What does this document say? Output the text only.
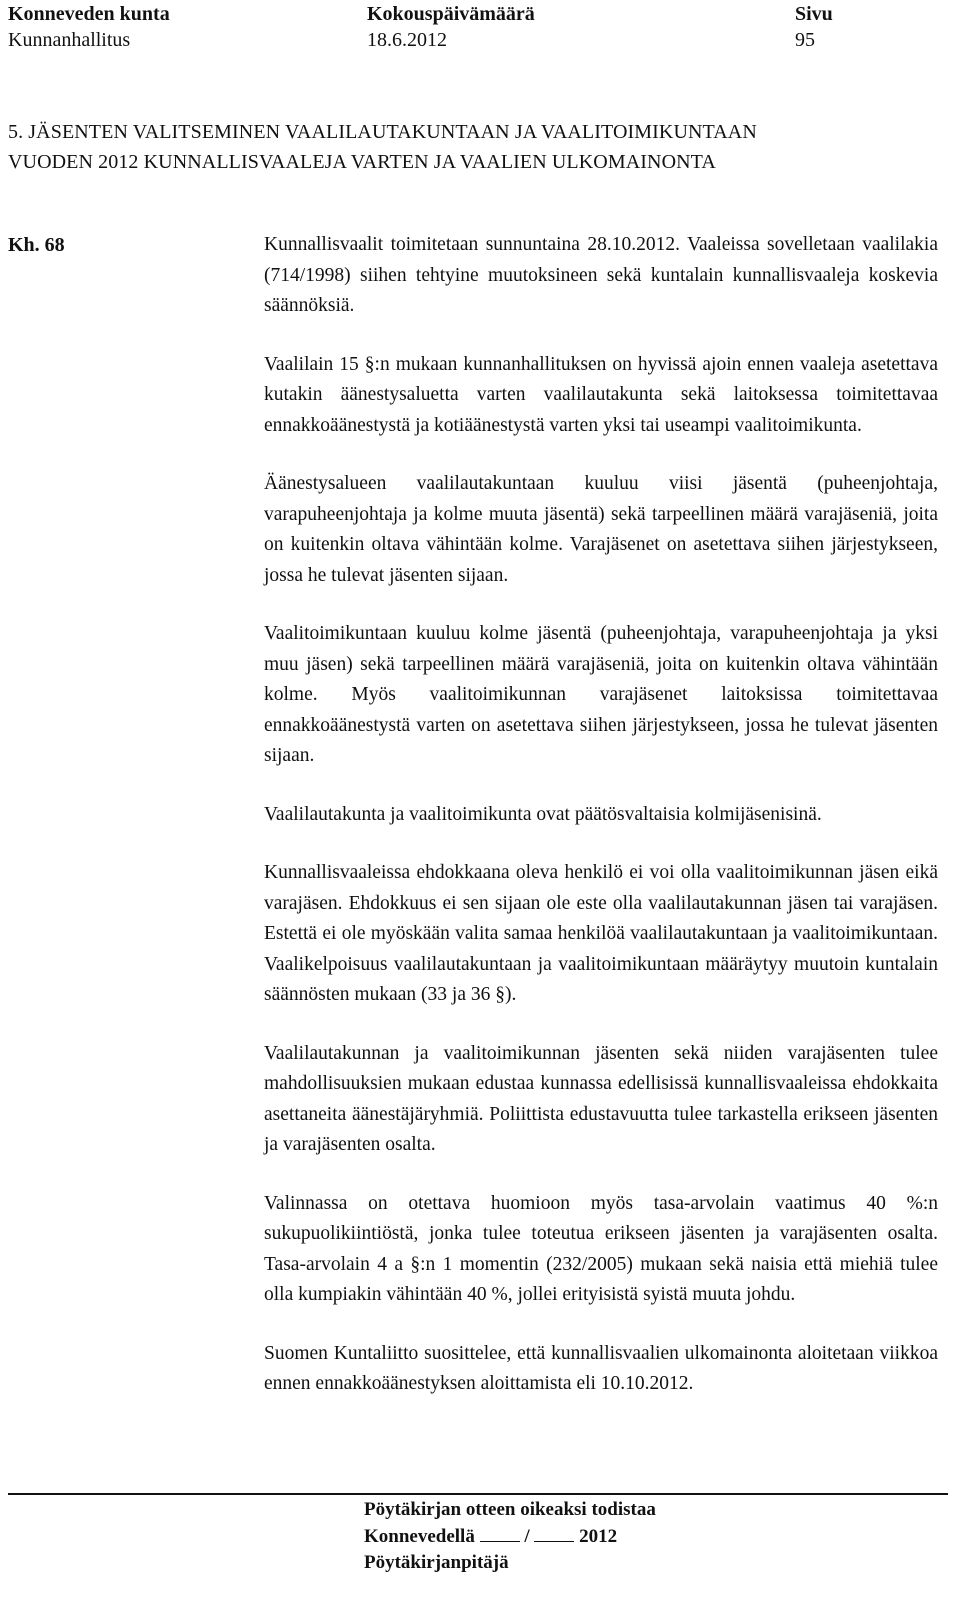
Konneveden kunta	Kokouspäivämäärä	Sivu
Kunnanhallitus	18.6.2012	95
5. JÄSENTEN VALITSEMINEN VAALILAUTAKUNTAAN JA VAALITOIMIKUNTAAN
VUODEN 2012 KUNNALLISVAALEJA VARTEN JA VAALIEN ULKOMAINONTA
Kh. 68	Kunnallisvaalit toimitetaan sunnuntaina 28.10.2012. Vaaleissa sovelletaan vaalilakia (714/1998) siihen tehtyine muutoksineen sekä kuntalain kunnallisvaaleja koskevia säännöksiä.

Vaalilain 15 §:n mukaan kunnanhallituksen on hyvissä ajoin ennen vaaleja asetettava kutakin äänestysaluetta varten vaalilautakunta sekä laitoksessa toimitettavaa ennakkoäänestystä ja kotiäänestystä varten yksi tai useampi vaalitoimikunta.

Äänestysalueen vaalilautakuntaan kuuluu viisi jäsentä (puheenjohtaja, varapuheenjohtaja ja kolme muuta jäsentä) sekä tarpeellinen määrä varajäseniä, joita on kuitenkin oltava vähintään kolme. Varajäsenet on asetettava siihen järjestykseen, jossa he tulevat jäsenten sijaan.

Vaalitoimikuntaan kuuluu kolme jäsentä (puheenjohtaja, varapuheenjohtaja ja yksi muu jäsen) sekä tarpeellinen määrä varajäseniä, joita on kuitenkin oltava vähintään kolme. Myös vaalitoimikunnan varajäsenet laitoksissa toimitettavaa ennakkoäänestystä varten on asetettava siihen järjestykseen, jossa he tulevat jäsenten sijaan.

Vaalilautakunta ja vaalitoimikunta ovat päätösvaltaisia kolmijäsenisinä.

Kunnallisvaaleissa ehdokkaana oleva henkilö ei voi olla vaalitoimikunnan jäsen eikä varajäsen. Ehdokkuus ei sen sijaan ole este olla vaalilautakunnan jäsen tai varajäsen. Estettä ei ole myöskään valita samaa henkilöä vaalilautakuntaan ja vaalitoimikuntaan. Vaalikelpoisuus vaalilautakuntaan ja vaalitoimikuntaan määräytyy muutoin kuntalain säännösten mukaan (33 ja 36 §).

Vaalilautakunnan ja vaalitoimikunnan jäsenten sekä niiden varajäsenten tulee mahdollisuuksien mukaan edustaa kunnassa edellisissä kunnallisvaaleissa ehdokkaita asettaneita äänestäjäryhmiä. Poliittista edustavuutta tulee tarkastella erikseen jäsenten ja varajäsenten osalta.

Valinnassa on otettava huomioon myös tasa-arvolain vaatimus 40 %:n sukupuolikiintiöstä, jonka tulee toteutua erikseen jäsenten ja varajäsenten osalta. Tasa-arvolain 4 a §:n 1 momentin (232/2005) mukaan sekä naisia että miehiä tulee olla kumpiakin vähintään 40 %, jollei erityisistä syistä muuta johdu.

Suomen Kuntaliitto suosittelee, että kunnallisvaalien ulkomainonta aloitetaan viikkoa ennen ennakkoäänestyksen aloittamista eli 10.10.2012.

Pöytäkirjan otteen oikeaksi todistaa
Konnevedellä	/	2012
Pöytäkirjanpitäjä
